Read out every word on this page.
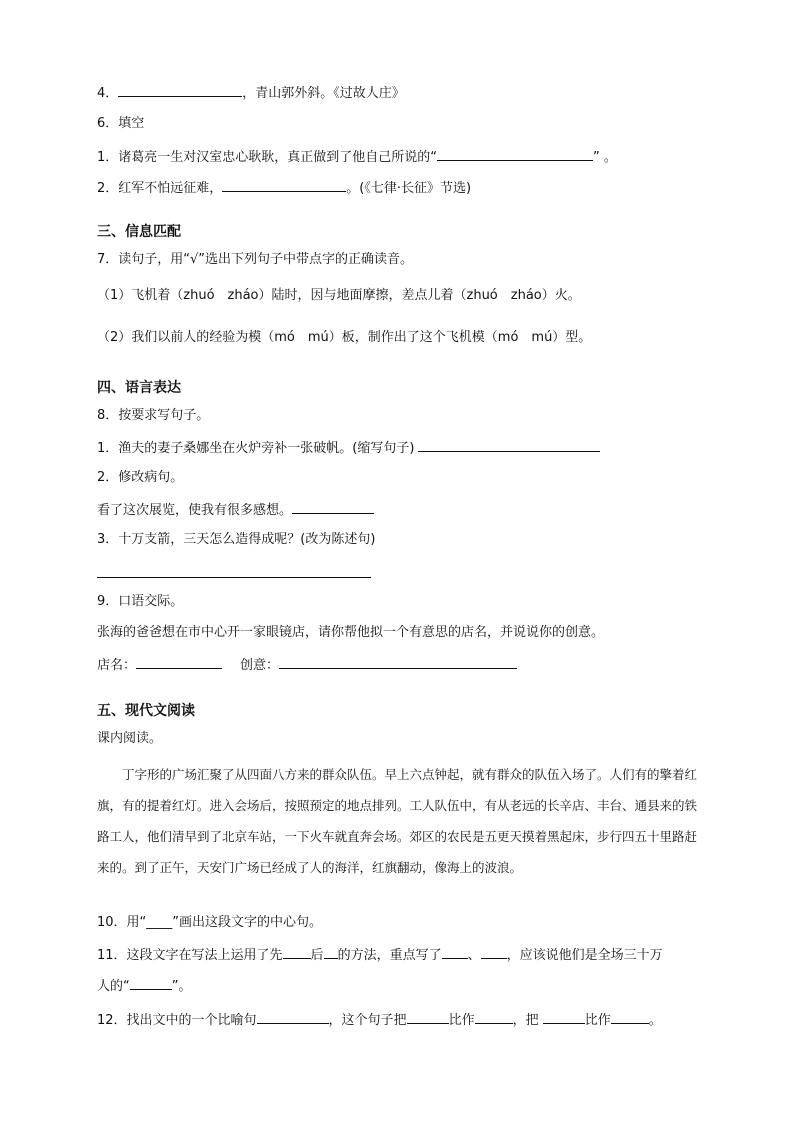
4．	，青山郭外斜。《过故人庄》
6．填空
1．诸葛亮一生对汉室忠心耿耿，真正做到了他自己所说的“	” 。
2．红军不怕远征难，	。(《七律·长征》节选)
三、信息匹配
7．读句子，用“√”选出下列句子中带点字的正确读音。
（1）飞机着（zhuó　zháo）陆时，因与地面摩擦，差点儿着（zhuó　zháo）火。
（2）我们以前人的经验为模（mó　mú）板，制作出了这个飞机模（mó　mú）型。
四、语言表达
8．按要求写句子。
1．渔夫的妻子桑娜坐在火炉旁补一张破帆。(缩写句子)
2．修改病句。
看了这次展览，使我有很多感想。
3．十万支箭，三天怎么造得成呢？(改为陈述句)
9．口语交际。
张海的爸爸想在市中心开一家眼镜店，请你帮他拟一个有意思的店名，并说说你的创意。
店名：	创意：
五、现代文阅读
课内阅读。
丁字形的广场汇聚了从四面八方来的群众队伍。早上六点钟起，就有群众的队伍入场了。人们有的擎着红旗，有的提着红灯。进入会场后，按照预定的地点排列。工人队伍中，有从老远的长辛店、丰台、通县来的铁路工人，他们清早到了北京车站，一下火车就直奔会场。郊区的农民是五更天摸着黑起床，步行四五十里路赶来的。到了正午，天安门广场已经成了人的海洋，红旗翻动，像海上的波浪。
10．用“____”画出这段文字的中心句。
11．这段文字在写法上运用了先 后 的方法，重点写了 、 ，应该说他们是全场三十万
人的“	”。
12．找出文中的一个比喻句	，这个句子把	比作	，把	比作	。
